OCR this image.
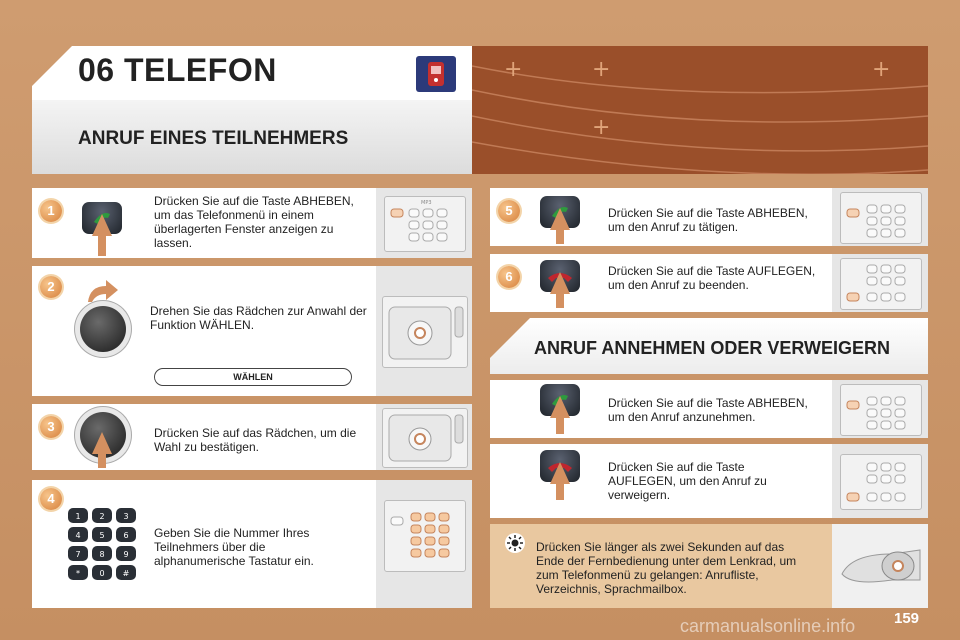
+	+	+
+
06 TELEFON
ANRUF EINES TEILNEHMERS
MP3
1
Drücken Sie auf die Taste ABHEBEN, um das Telefonmenü in einem überlagerten Fenster anzeigen zu lassen.
2
Drehen Sie das Rädchen zur Anwahl der Funktion WÄHLEN.
WÄHLEN
3	Drücken Sie auf das Rädchen, um die Wahl zu bestätigen.
4
1 2 3
4 5 6
7 8 9
* 0 #
Geben Sie die Nummer Ihres Teilnehmers über die alphanumerische Tastatur ein.
5	Drücken Sie auf die Taste ABHEBEN, um den Anruf zu tätigen.
6	Drücken Sie auf die Taste AUFLEGEN, um den Anruf zu beenden.
ANRUF ANNEHMEN ODER VERWEIGERN
Drücken Sie auf die Taste ABHEBEN, um den Anruf anzunehmen.
Drücken Sie auf die Taste AUFLEGEN, um den Anruf zu verweigern.
Drücken Sie länger als zwei Sekunden auf das Ende der Fernbedienung unter dem Lenkrad, um zum Telefonmenü zu gelangen: Anrufliste, Verzeichnis, Sprachmailbox.
carmanualsonline.info	159
